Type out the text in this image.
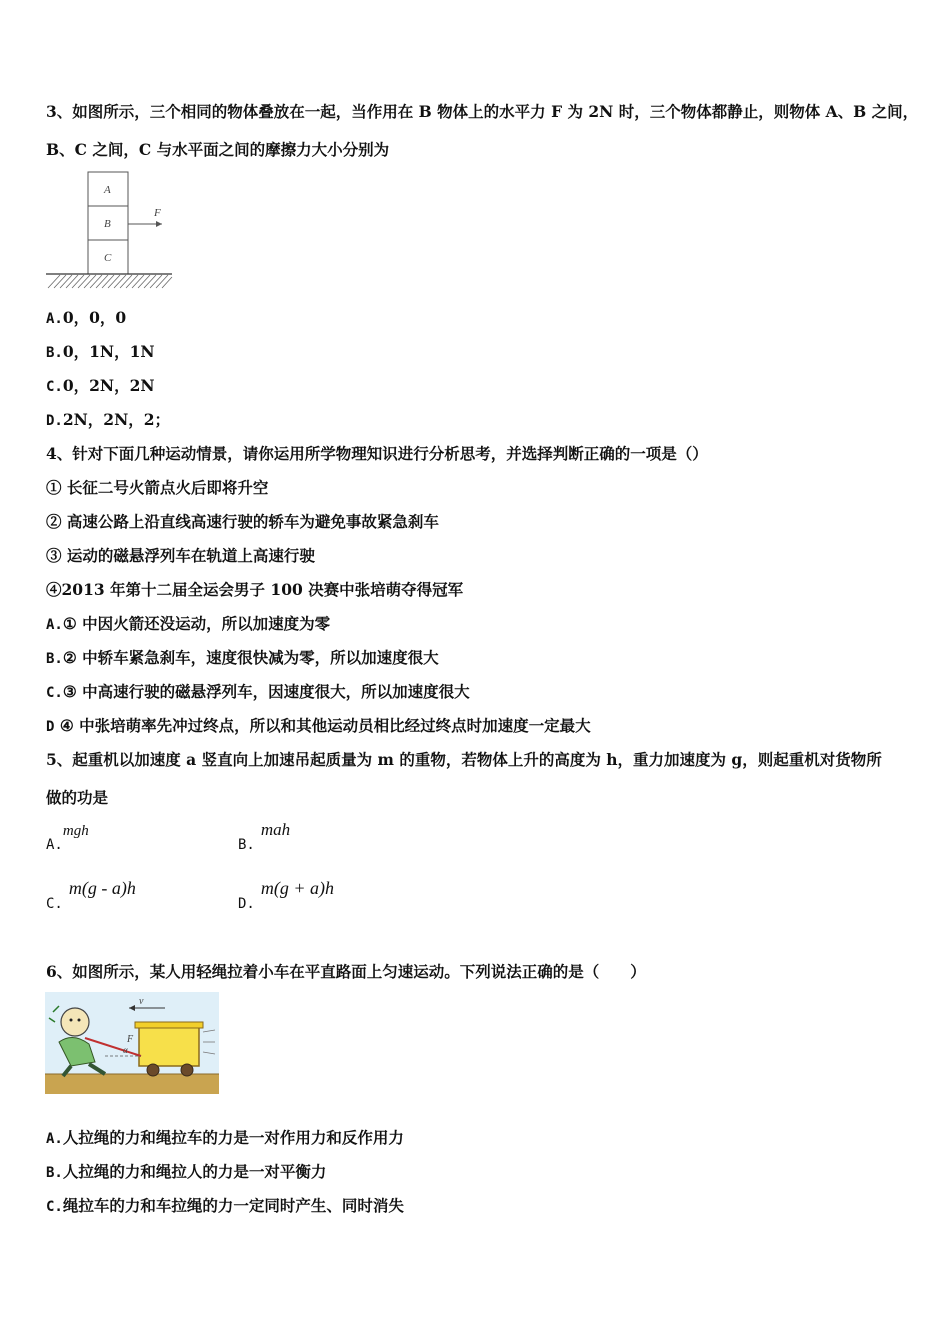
3、如图所示，三个相同的物体叠放在一起，当作用在 B 物体上的水平力 F 为 2N 时，三个物体都静止，则物体 A、B 之间，
B、C 之间，C 与水平面之间的摩擦力大小分别为
A
B
C
F
A.0，0，0
B.0，1N，1N
C.0，2N，2N
D.2N，2N，2；
4、针对下面几种运动情景，请你运用所学物理知识进行分析思考，并选择判断正确的一项是（）
① 长征二号火箭点火后即将升空
② 高速公路上沿直线高速行驶的轿车为避免事故紧急刹车
③ 运动的磁悬浮列车在轨道上高速行驶
④2013 年第十二届全运会男子 100 决赛中张培萌夺得冠军
A.① 中因火箭还没运动，所以加速度为零
B.② 中轿车紧急刹车，速度很快减为零，所以加速度很大
C.③ 中高速行驶的磁悬浮列车，因速度很大，所以加速度很大
D ④ 中张培萌率先冲过终点，所以和其他运动员相比经过终点时加速度一定最大
5、起重机以加速度 a 竖直向上加速吊起质量为 m 的重物，若物体上升的高度为 h，重力加速度为 g，则起重机对货物所
做的功是
A.mgh
B.mah
C.m(g - a)h
D.m(g + a)h
6、如图所示，某人用轻绳拉着小车在平直路面上匀速运动。下列说法正确的是（　　）
α
F
v
A.人拉绳的力和绳拉车的力是一对作用力和反作用力
B.人拉绳的力和绳拉人的力是一对平衡力
C.绳拉车的力和车拉绳的力一定同时产生、同时消失
